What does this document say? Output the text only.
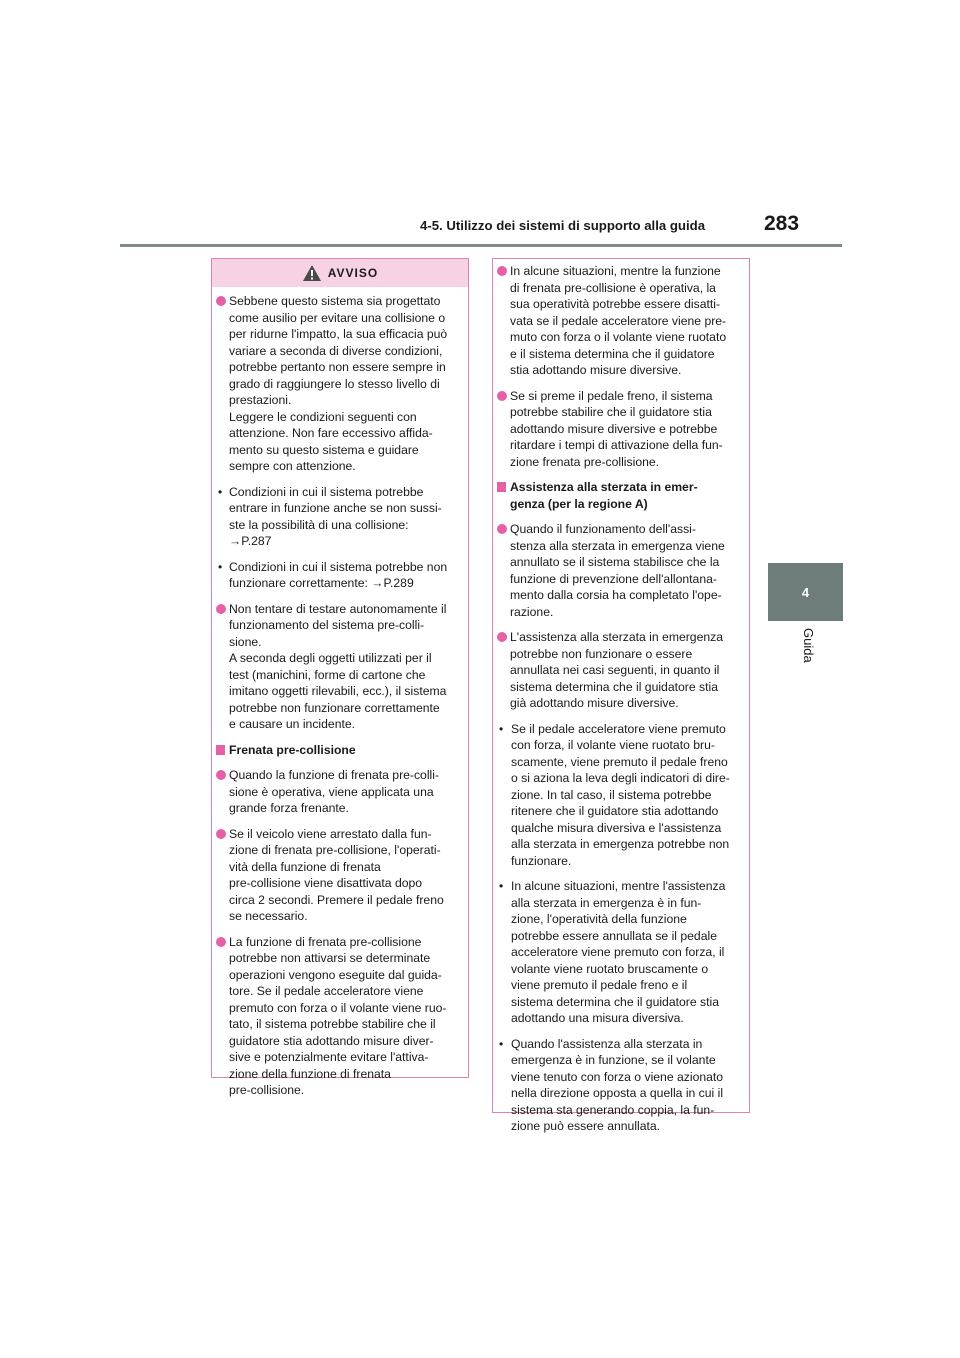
4-5. Utilizzo dei sistemi di supporto alla guida	283
4
Guida
AVVISO
Sebbene questo sistema sia progettato
come ausilio per evitare una collisione o
per ridurne l'impatto, la sua efficacia può
variare a seconda di diverse condizioni,
potrebbe pertanto non essere sempre in
grado di raggiungere lo stesso livello di
prestazioni.
Leggere le condizioni seguenti con
attenzione. Non fare eccessivo affida-
mento su questo sistema e guidare
sempre con attenzione.
• Condizioni in cui il sistema potrebbe
entrare in funzione anche se non sussi-
ste la possibilità di una collisione:
→P.287
• Condizioni in cui il sistema potrebbe non
funzionare correttamente: →P.289
Non tentare di testare autonomamente il
funzionamento del sistema pre-colli-
sione.
A seconda degli oggetti utilizzati per il
test (manichini, forme di cartone che
imitano oggetti rilevabili, ecc.), il sistema
potrebbe non funzionare correttamente
e causare un incidente.
Frenata pre-collisione
Quando la funzione di frenata pre-colli-
sione è operativa, viene applicata una
grande forza frenante.
Se il veicolo viene arrestato dalla fun-
zione di frenata pre-collisione, l'operati-
vità della funzione di frenata
pre-collisione viene disattivata dopo
circa 2 secondi. Premere il pedale freno
se necessario.
La funzione di frenata pre-collisione
potrebbe non attivarsi se determinate
operazioni vengono eseguite dal guida-
tore. Se il pedale acceleratore viene
premuto con forza o il volante viene ruo-
tato, il sistema potrebbe stabilire che il
guidatore stia adottando misure diver-
sive e potenzialmente evitare l'attiva-
zione della funzione di frenata
pre-collisione.
In alcune situazioni, mentre la funzione
di frenata pre-collisione è operativa, la
sua operatività potrebbe essere disatti-
vata se il pedale acceleratore viene pre-
muto con forza o il volante viene ruotato
e il sistema determina che il guidatore
stia adottando misure diversive.
Se si preme il pedale freno, il sistema
potrebbe stabilire che il guidatore stia
adottando misure diversive e potrebbe
ritardare i tempi di attivazione della fun-
zione frenata pre-collisione.
Assistenza alla sterzata in emer-
genza (per la regione A)
Quando il funzionamento dell'assi-
stenza alla sterzata in emergenza viene
annullato se il sistema stabilisce che la
funzione di prevenzione dell'allontana-
mento dalla corsia ha completato l'ope-
razione.
L'assistenza alla sterzata in emergenza
potrebbe non funzionare o essere
annullata nei casi seguenti, in quanto il
sistema determina che il guidatore stia
già adottando misure diversive.
• Se il pedale acceleratore viene premuto
con forza, il volante viene ruotato bru-
scamente, viene premuto il pedale freno
o si aziona la leva degli indicatori di dire-
zione. In tal caso, il sistema potrebbe
ritenere che il guidatore stia adottando
qualche misura diversiva e l'assistenza
alla sterzata in emergenza potrebbe non
funzionare.
• In alcune situazioni, mentre l'assistenza
alla sterzata in emergenza è in fun-
zione, l'operatività della funzione
potrebbe essere annullata se il pedale
acceleratore viene premuto con forza, il
volante viene ruotato bruscamente o
viene premuto il pedale freno e il
sistema determina che il guidatore stia
adottando una misura diversiva.
• Quando l'assistenza alla sterzata in
emergenza è in funzione, se il volante
viene tenuto con forza o viene azionato
nella direzione opposta a quella in cui il
sistema sta generando coppia, la fun-
zione può essere annullata.
